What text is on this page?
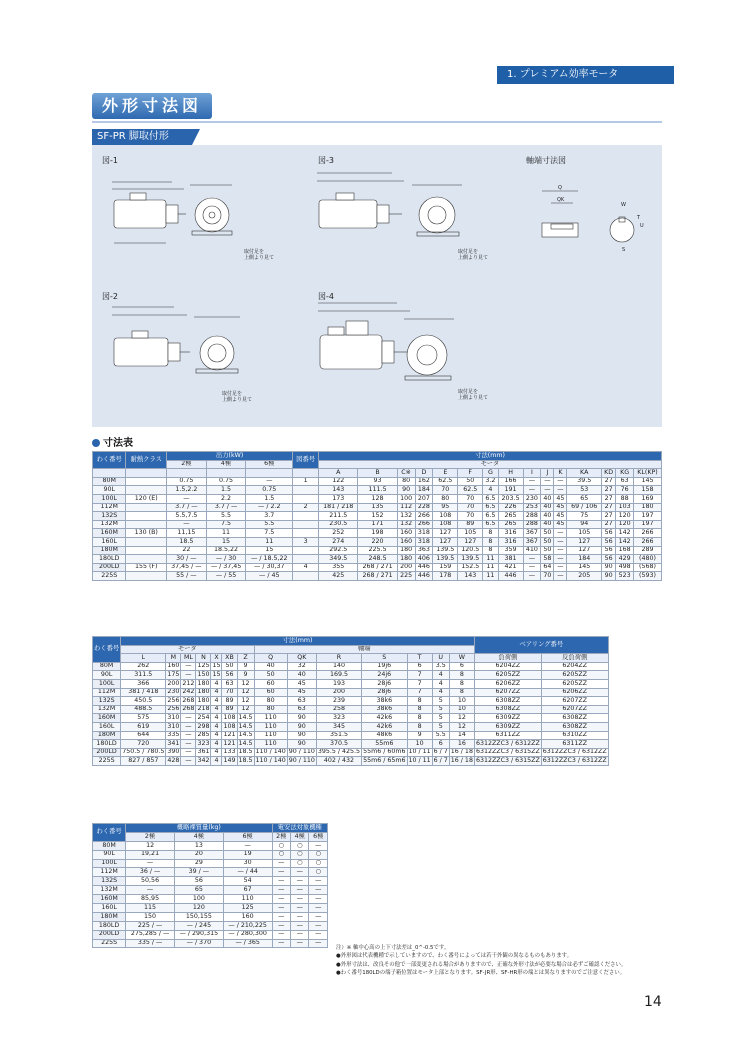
1. プレミアム効率モータ
外形寸法図
SF-PR 脚取付形
図-1	図-3	軸端寸法図
図-2	図-4
取付足を
上側より見て
取付足を
上側より見て
取付足を
上側より見て
取付足を
上側より見て
Q
QK
W
T
U
S
寸法表
わく番号	耐熱クラス	出力(kW)			図番号	寸法(mm)														
		2極	4極	6極		モータ														
						A	B	C※	D	E	F	G	H	I	J	K	KA	KD	KG	KL(KP)
80M		0.75	0.75	—	1	122	93	80	162	62.5	50	3.2	166	—	—	—	39.5	27	63	145
90L		1.5,2.2	1.5	0.75		143	111.5	90	184	70	62.5	4	191	—	—	—	53	27	76	158
100L	120 (E)	—	2.2	1.5		173	128	100	207	80	70	6.5	203.5	230	40	45	65	27	88	169
112M		3.7 / —	3.7 / —	— / 2.2	2	181 / 218	135	112	228	95	70	6.5	226	253	40	45	69 / 106	27	103	180
132S		5.5,7.5	5.5	3.7		211.5	152	132	266	108	70	6.5	265	288	40	45	75	27	120	197
132M		—	7.5	5.5		230.5	171	132	266	108	89	6.5	265	288	40	45	94	27	120	197
160M	130 (B)	11,15	11	7.5		252	198	160	318	127	105	8	316	367	50	—	105	56	142	266
160L		18.5	15	11	3	274	220	160	318	127	127	8	316	367	50	—	127	56	142	266
180M		22	18.5,22	15		292.5	225.5	180	363	139.5	120.5	8	359	410	50	—	127	56	168	289
180LD		30 / —	— / 30	— / 18.5,22		349.5	248.5	180	406	139.5	139.5	11	381	—	58	—	184	56	429	(480)
200LD	155 (F)	37,45 / —	— / 37,45	— / 30,37	4	355	268 / 271	200	446	159	152.5	11	421	—	64	—	145	90	498	(568)
225S		55 / —	— / 55	— / 45		425	268 / 271	225	446	178	143	11	446	—	70	—	205	90	523	(593)
わく番号	寸法(mm)														ベアリング番号	
	モータ							軸端								
	L	M	ML	N	X	XB	Z	Q	QK	R	S	T	U	W	負荷側	反負荷側
80M	262	160	—	125	15	50	9	40	32	140	19j6	6	3.5	6	6204ZZ	6204ZZ
90L	311.5	175	—	150	15	56	9	50	40	169.5	24j6	7	4	8	6205ZZ	6205ZZ
100L	366	200	212	180	4	63	12	60	45	193	28j6	7	4	8	6206ZZ	6205ZZ
112M	381 / 418	230	242	180	4	70	12	60	45	200	28j6	7	4	8	6207ZZ	6206ZZ
132S	450.5	256	268	180	4	89	12	80	63	239	38k6	8	5	10	6308ZZ	6207ZZ
132M	488.5	256	268	218	4	89	12	80	63	258	38k6	8	5	10	6308ZZ	6207ZZ
160M	575	310	—	254	4	108	14.5	110	90	323	42k6	8	5	12	6309ZZ	6308ZZ
160L	619	310	—	298	4	108	14.5	110	90	345	42k6	8	5	12	6309ZZ	6308ZZ
180M	644	335	—	285	4	121	14.5	110	90	351.5	48k6	9	5.5	14	6311ZZ	6310ZZ
180LD	720	341	—	323	4	121	14.5	110	90	370.5	55m6	10	6	16	6312ZZC3 / 6312ZZ	6311ZZ
200LD	750.5 / 780.5	390	—	361	4	133	18.5	110 / 140	90 / 110	395.5 / 425.5	55m6 / 60m6	10 / 11	6 / 7	16 / 18	6312ZZC3 / 6315ZZ	6312ZZC3 / 6312ZZ
225S	827 / 857	428	—	342	4	149	18.5	110 / 140	90 / 110	402 / 432	55m6 / 65m6	10 / 11	6 / 7	16 / 18	6312ZZC3 / 6315ZZ	6312ZZC3 / 6312ZZ
わく番号	概略裸質量(kg)			電安法対象機種		
	2極	4極	6極	2極	4極	6極
80M	12	13	—	○	○	—
90L	19,21	20	19	○	○	○
100L	—	29	30	—	○	○
112M	36 / —	39 / —	— / 44	—	—	○
132S	50,56	56	54	—	—	—
132M	—	65	67	—	—	—
160M	85,95	100	110	—	—	—
160L	115	120	125	—	—	—
180M	150	150,155	160	—	—	—
180LD	225 / —	— / 245	— / 210,225	—	—	—
200LD	275,285 / —	— / 290,315	— / 280,300	—	—	—
225S	335 / —	— / 370	— / 365	—	—	—
注）※ 軸中心高の上下寸法差は_0^-0.5です。
●外形図は代表機種で示していますので、わく番号によっては若干外観の異なるものもあります。
●外形寸法は、改良その他で一部変更される場合がありますので、正確な外形寸法が必要な場合は必ずご確認ください。
●わく番号180LDの端子箱位置はモータ上部となります。SF-JR形、SF-HR形の端とは異なりますのでご注意ください。
14
